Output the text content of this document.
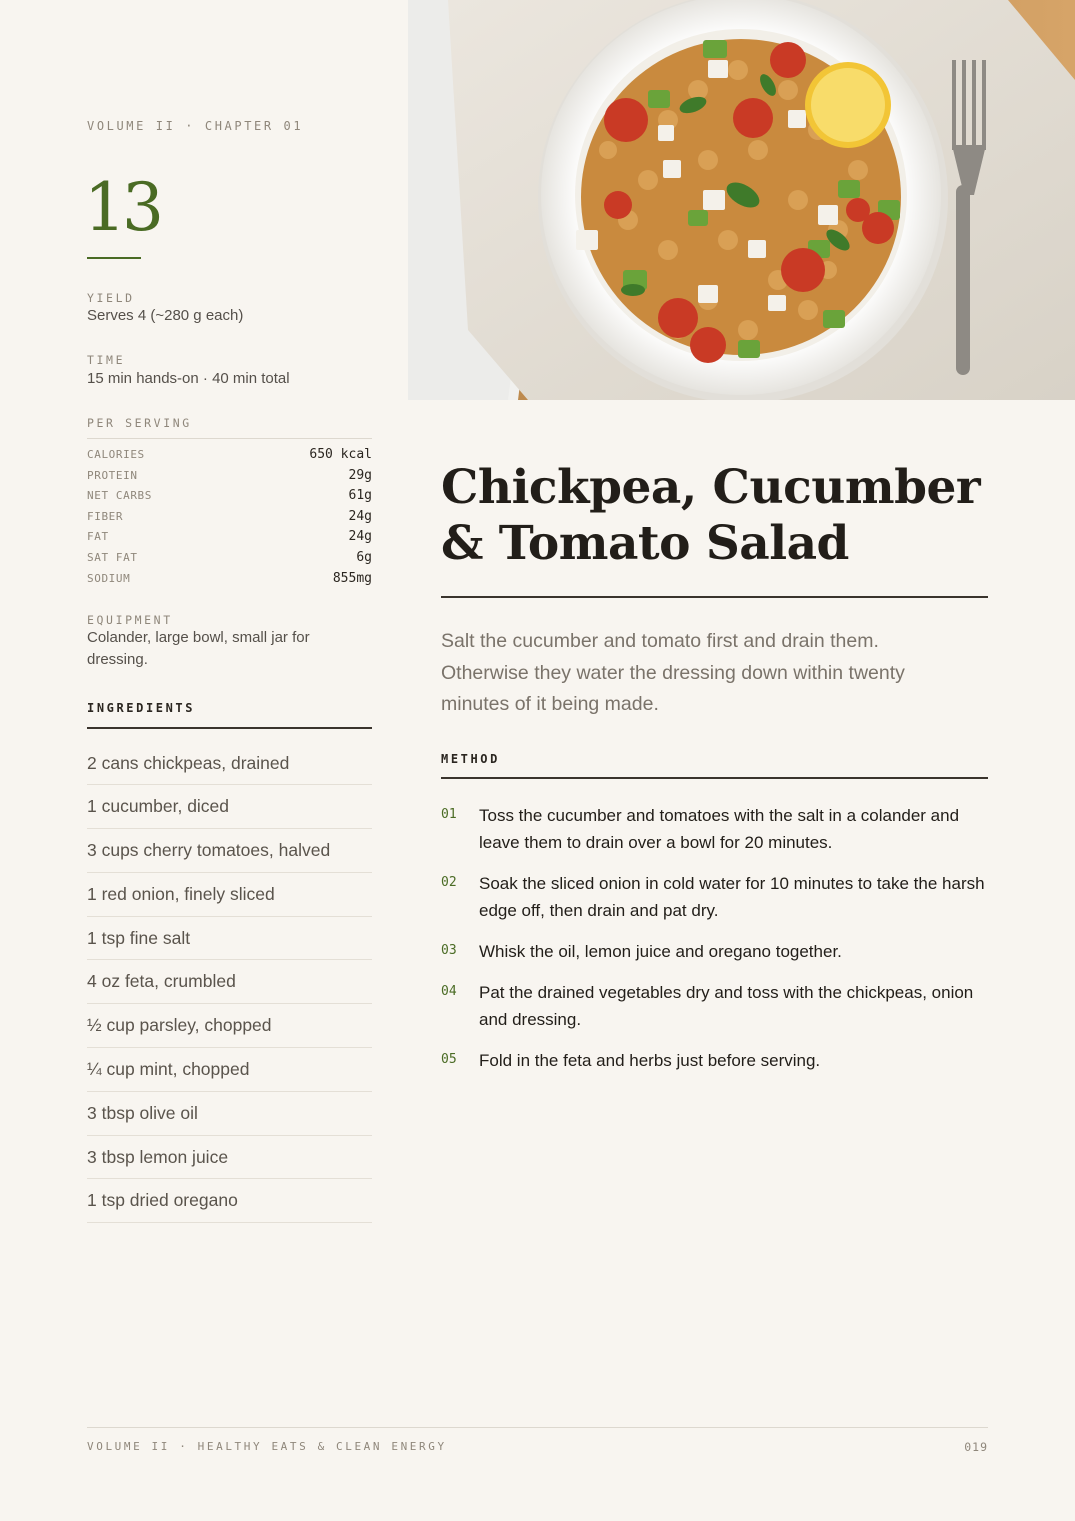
VOLUME II · CHAPTER 01
13
YIELD
Serves 4 (~280 g each)
TIME
15 min hands-on · 40 min total
PER SERVING
CALORIES	650 kcal
PROTEIN	29g
NET CARBS	61g
FIBER	24g
FAT	24g
SAT FAT	6g
SODIUM	855mg
EQUIPMENT
Colander, large bowl, small jar for dressing.
INGREDIENTS
2 cans chickpeas, drained
1 cucumber, diced
3 cups cherry tomatoes, halved
1 red onion, finely sliced
1 tsp fine salt
4 oz feta, crumbled
½ cup parsley, chopped
¼ cup mint, chopped
3 tbsp olive oil
3 tbsp lemon juice
1 tsp dried oregano
Chickpea, Cucumber & Tomato Salad

Salt the cucumber and tomato first and drain them. Otherwise they water the dressing down within twenty minutes of it being made.

METHOD
01	Toss the cucumber and tomatoes with the salt in a colander and leave them to drain over a bowl for 20 minutes.
02	Soak the sliced onion in cold water for 10 minutes to take the harsh edge off, then drain and pat dry.
03	Whisk the oil, lemon juice and oregano together.
04	Pat the drained vegetables dry and toss with the chickpeas, onion and dressing.
05	Fold in the feta and herbs just before serving.
VOLUME II · HEALTHY EATS & CLEAN ENERGY	019
